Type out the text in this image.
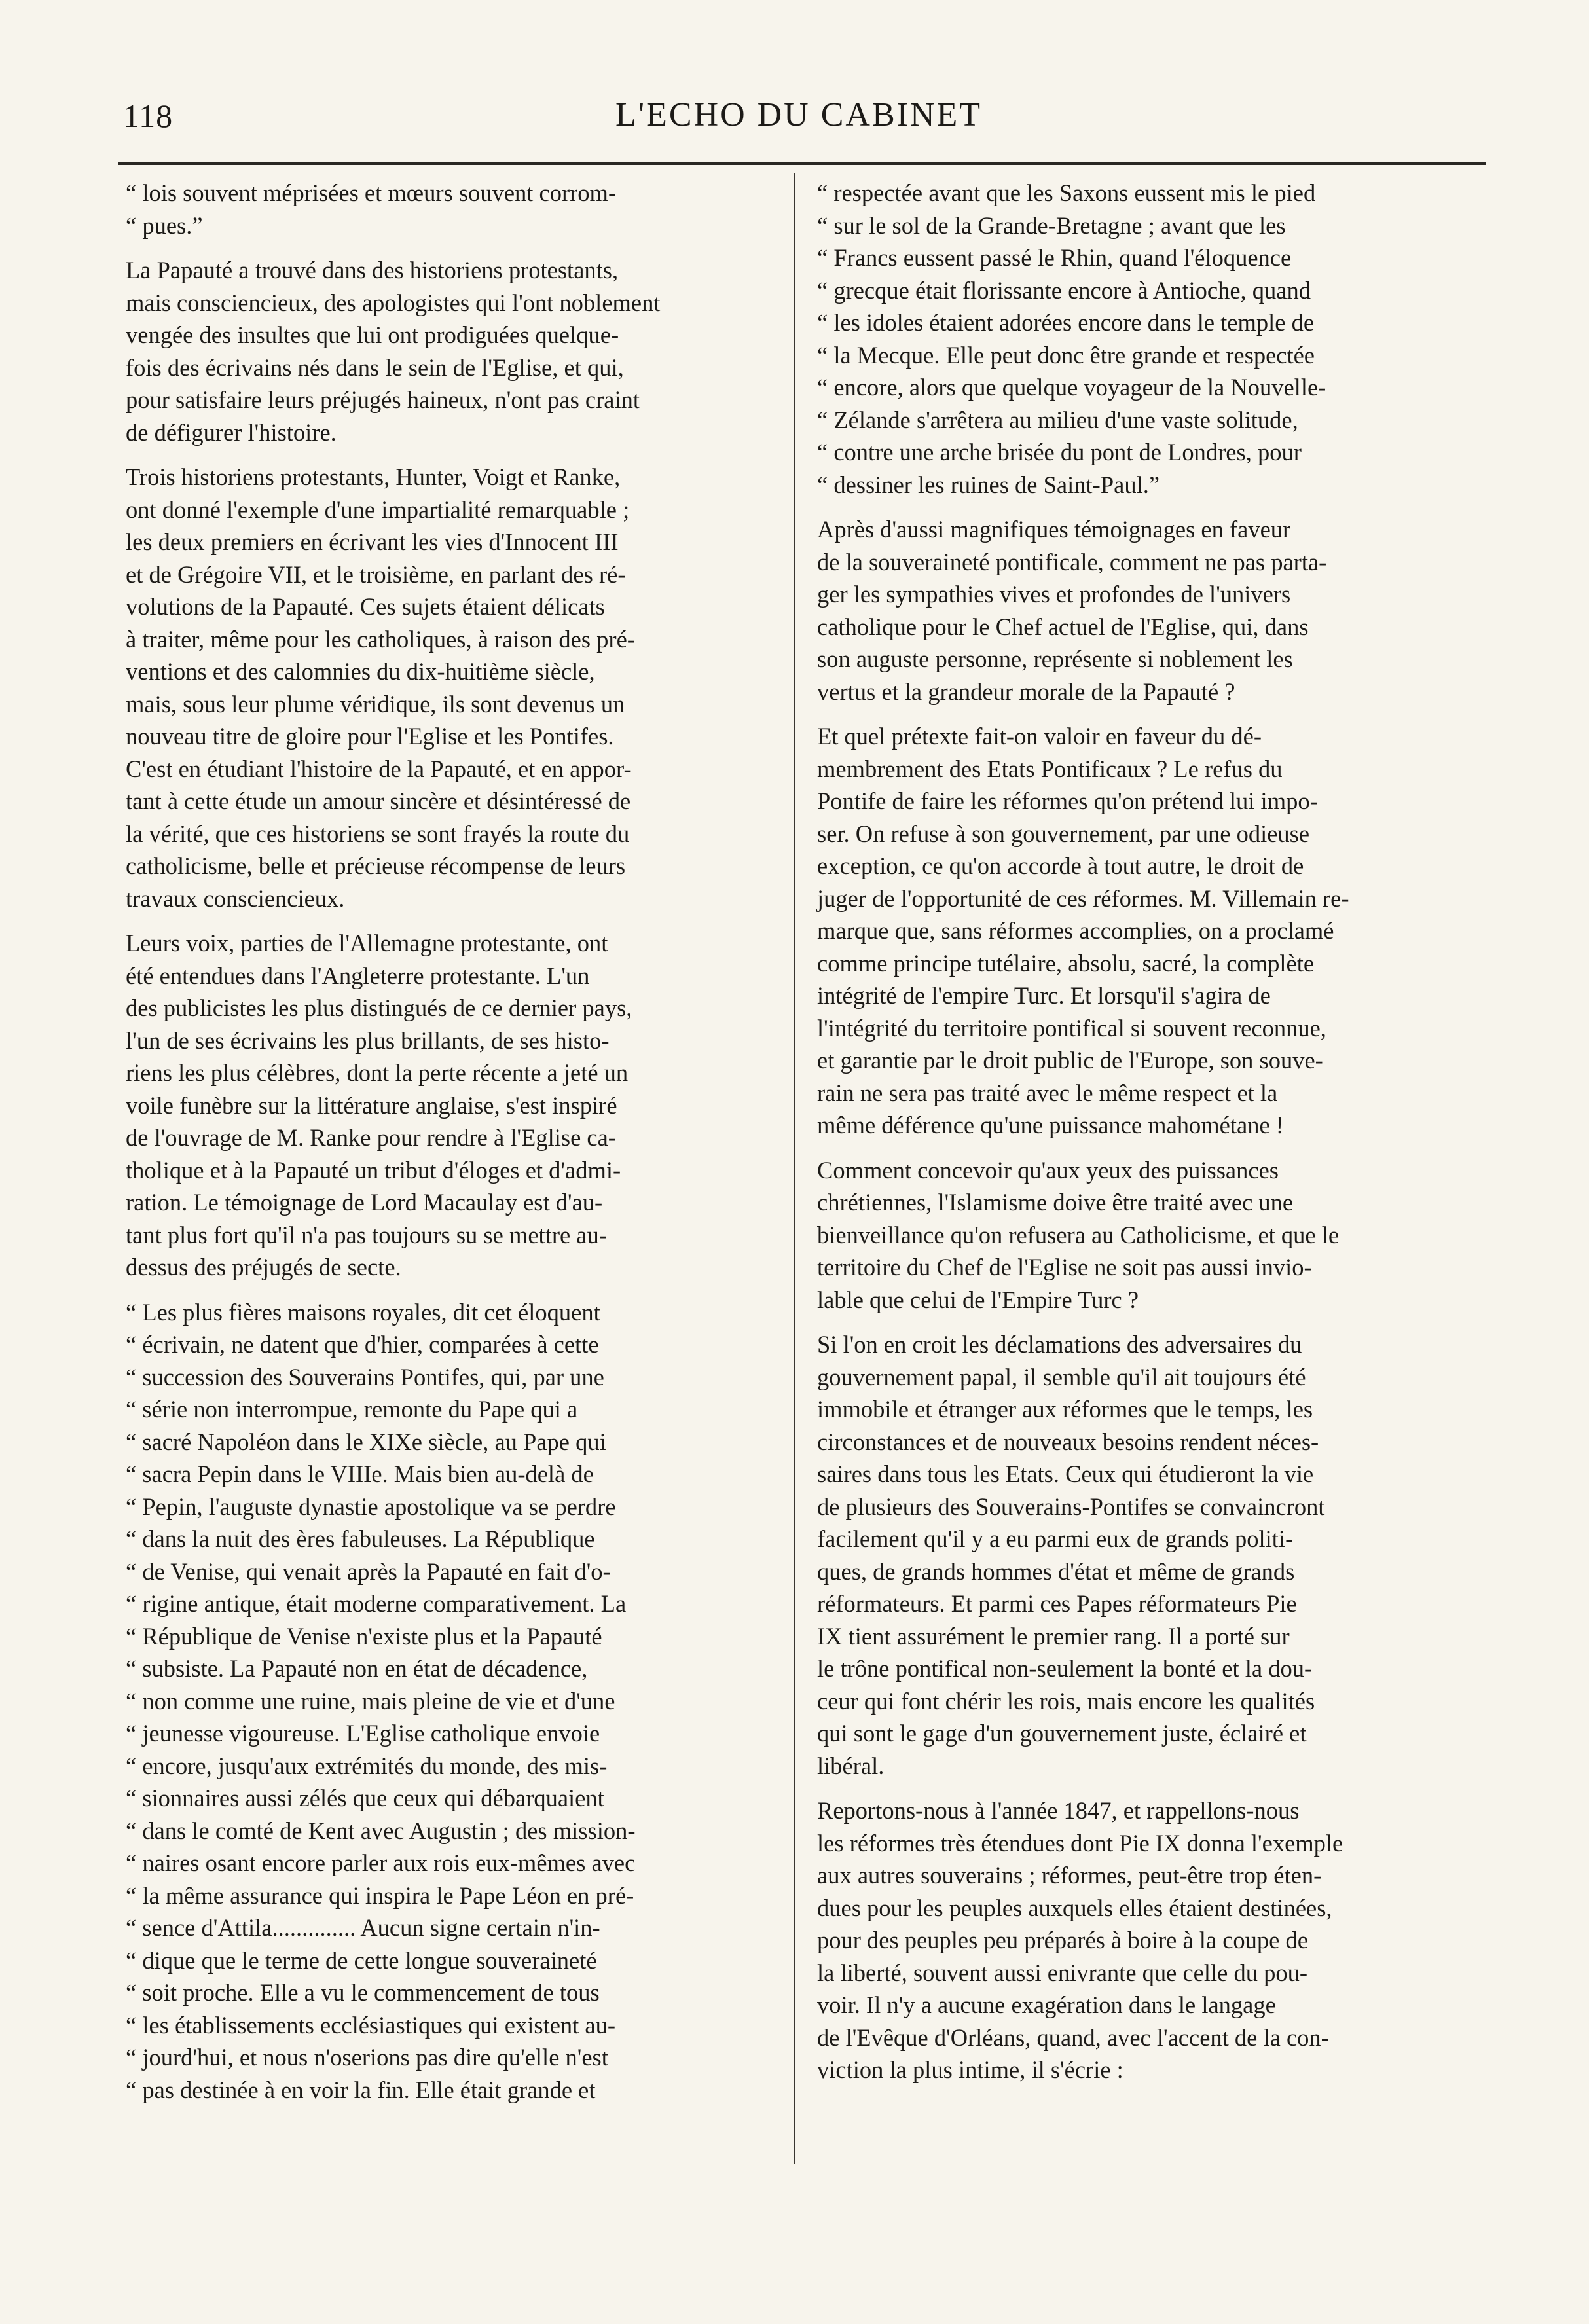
118	L'ECHO DU CABINET

“ lois souvent méprisées et mœurs souvent corrom-
“ pues.”

La Papauté a trouvé dans des historiens protestants,
mais consciencieux, des apologistes qui l'ont noblement
vengée des insultes que lui ont prodiguées quelque-
fois des écrivains nés dans le sein de l'Eglise, et qui,
pour satisfaire leurs préjugés haineux, n'ont pas craint
de défigurer l'histoire.

Trois historiens protestants, Hunter, Voigt et Ranke,
ont donné l'exemple d'une impartialité remarquable ;
les deux premiers en écrivant les vies d'Innocent III
et de Grégoire VII, et le troisième, en parlant des ré-
volutions de la Papauté. Ces sujets étaient délicats
à traiter, même pour les catholiques, à raison des pré-
ventions et des calomnies du dix-huitième siècle,
mais, sous leur plume véridique, ils sont devenus un
nouveau titre de gloire pour l'Eglise et les Pontifes.
C'est en étudiant l'histoire de la Papauté, et en appor-
tant à cette étude un amour sincère et désintéressé de
la vérité, que ces historiens se sont frayés la route du
catholicisme, belle et précieuse récompense de leurs
travaux consciencieux.

Leurs voix, parties de l'Allemagne protestante, ont
été entendues dans l'Angleterre protestante. L'un
des publicistes les plus distingués de ce dernier pays,
l'un de ses écrivains les plus brillants, de ses histo-
riens les plus célèbres, dont la perte récente a jeté un
voile funèbre sur la littérature anglaise, s'est inspiré
de l'ouvrage de M. Ranke pour rendre à l'Eglise ca-
tholique et à la Papauté un tribut d'éloges et d'admi-
ration. Le témoignage de Lord Macaulay est d'au-
tant plus fort qu'il n'a pas toujours su se mettre au-
dessus des préjugés de secte.

“ Les plus fières maisons royales, dit cet éloquent
“ écrivain, ne datent que d'hier, comparées à cette
“ succession des Souverains Pontifes, qui, par une
“ série non interrompue, remonte du Pape qui a
“ sacré Napoléon dans le XIXe siècle, au Pape qui
“ sacra Pepin dans le VIIIe. Mais bien au-delà de
“ Pepin, l'auguste dynastie apostolique va se perdre
“ dans la nuit des ères fabuleuses. La République
“ de Venise, qui venait après la Papauté en fait d'o-
“ rigine antique, était moderne comparativement. La
“ République de Venise n'existe plus et la Papauté
“ subsiste. La Papauté non en état de décadence,
“ non comme une ruine, mais pleine de vie et d'une
“ jeunesse vigoureuse. L'Eglise catholique envoie
“ encore, jusqu'aux extrémités du monde, des mis-
“ sionnaires aussi zélés que ceux qui débarquaient
“ dans le comté de Kent avec Augustin ; des mission-
“ naires osant encore parler aux rois eux-mêmes avec
“ la même assurance qui inspira le Pape Léon en pré-
“ sence d'Attila.............. Aucun signe certain n'in-
“ dique que le terme de cette longue souveraineté
“ soit proche. Elle a vu le commencement de tous
“ les établissements ecclésiastiques qui existent au-
“ jourd'hui, et nous n'oserions pas dire qu'elle n'est
“ pas destinée à en voir la fin. Elle était grande et

“ respectée avant que les Saxons eussent mis le pied
“ sur le sol de la Grande-Bretagne ; avant que les
“ Francs eussent passé le Rhin, quand l'éloquence
“ grecque était florissante encore à Antioche, quand
“ les idoles étaient adorées encore dans le temple de
“ la Mecque. Elle peut donc être grande et respectée
“ encore, alors que quelque voyageur de la Nouvelle-
“ Zélande s'arrêtera au milieu d'une vaste solitude,
“ contre une arche brisée du pont de Londres, pour
“ dessiner les ruines de Saint-Paul.”

Après d'aussi magnifiques témoignages en faveur
de la souveraineté pontificale, comment ne pas parta-
ger les sympathies vives et profondes de l'univers
catholique pour le Chef actuel de l'Eglise, qui, dans
son auguste personne, représente si noblement les
vertus et la grandeur morale de la Papauté ?

Et quel prétexte fait-on valoir en faveur du dé-
membrement des Etats Pontificaux ? Le refus du
Pontife de faire les réformes qu'on prétend lui impo-
ser. On refuse à son gouvernement, par une odieuse
exception, ce qu'on accorde à tout autre, le droit de
juger de l'opportunité de ces réformes. M. Villemain re-
marque que, sans réformes accomplies, on a proclamé
comme principe tutélaire, absolu, sacré, la complète
intégrité de l'empire Turc. Et lorsqu'il s'agira de
l'intégrité du territoire pontifical si souvent reconnue,
et garantie par le droit public de l'Europe, son souve-
rain ne sera pas traité avec le même respect et la
même déférence qu'une puissance mahométane !

Comment concevoir qu'aux yeux des puissances
chrétiennes, l'Islamisme doive être traité avec une
bienveillance qu'on refusera au Catholicisme, et que le
territoire du Chef de l'Eglise ne soit pas aussi invio-
lable que celui de l'Empire Turc ?

Si l'on en croit les déclamations des adversaires du
gouvernement papal, il semble qu'il ait toujours été
immobile et étranger aux réformes que le temps, les
circonstances et de nouveaux besoins rendent néces-
saires dans tous les Etats. Ceux qui étudieront la vie
de plusieurs des Souverains-Pontifes se convaincront
facilement qu'il y a eu parmi eux de grands politi-
ques, de grands hommes d'état et même de grands
réformateurs. Et parmi ces Papes réformateurs Pie
IX tient assurément le premier rang. Il a porté sur
le trône pontifical non-seulement la bonté et la dou-
ceur qui font chérir les rois, mais encore les qualités
qui sont le gage d'un gouvernement juste, éclairé et
libéral.

Reportons-nous à l'année 1847, et rappellons-nous
les réformes très étendues dont Pie IX donna l'exemple
aux autres souverains ; réformes, peut-être trop éten-
dues pour les peuples auxquels elles étaient destinées,
pour des peuples peu préparés à boire à la coupe de
la liberté, souvent aussi enivrante que celle du pou-
voir. Il n'y a aucune exagération dans le langage
de l'Evêque d'Orléans, quand, avec l'accent de la con-
viction la plus intime, il s'écrie :
